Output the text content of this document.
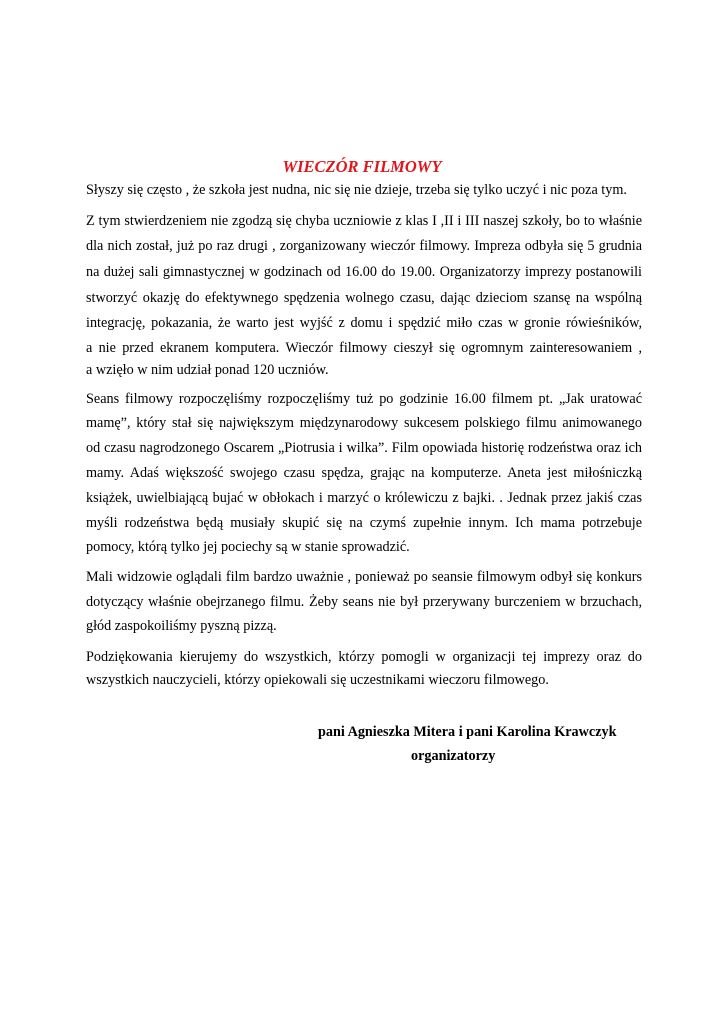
WIECZÓR FILMOWY

Słyszy się często , że szkoła jest nudna, nic się nie dzieje, trzeba się tylko uczyć i nic poza tym.

Z tym stwierdzeniem nie zgodzą się chyba uczniowie z klas I ,II i III naszej szkoły, bo to właśnie

dla nich został, już po raz drugi , zorganizowany wieczór filmowy. Impreza odbyła się 5 grudnia

na dużej sali gimnastycznej w godzinach od 16.00 do 19.00. Organizatorzy imprezy postanowili

stworzyć okazję do efektywnego spędzenia wolnego czasu, dając dzieciom szansę na wspólną

integrację, pokazania, że warto jest wyjść z domu i spędzić miło czas w gronie rówieśników,

a nie przed ekranem komputera. Wieczór filmowy cieszył się ogromnym zainteresowaniem ,

a wzięło w nim udział ponad 120 uczniów.

Seans filmowy rozpoczęliśmy rozpoczęliśmy tuż po godzinie 16.00 filmem pt. „Jak uratować

mamę”, który stał się największym międzynarodowy sukcesem polskiego filmu animowanego

od czasu nagrodzonego Oscarem „Piotrusia i wilka”. Film opowiada historię rodzeństwa oraz ich

mamy. Adaś większość swojego czasu spędza, grając na komputerze. Aneta jest miłośniczką

książek, uwielbiającą bujać w obłokach i marzyć o królewiczu z bajki. . Jednak przez jakiś czas

myśli rodzeństwa będą musiały skupić się na czymś zupełnie innym. Ich mama potrzebuje

pomocy, którą tylko jej pociechy są w stanie sprowadzić.

Mali widzowie oglądali film bardzo uważnie , ponieważ po seansie filmowym odbył się konkurs

dotyczący właśnie obejrzanego filmu. Żeby seans nie był przerywany burczeniem w brzuchach,

głód zaspokoiliśmy pyszną pizzą.

Podziękowania kierujemy do wszystkich, którzy pomogli w organizacji tej imprezy oraz do

wszystkich nauczycieli, którzy opiekowali się uczestnikami wieczoru filmowego.

pani Agnieszka Mitera i pani Karolina Krawczyk

organizatorzy
